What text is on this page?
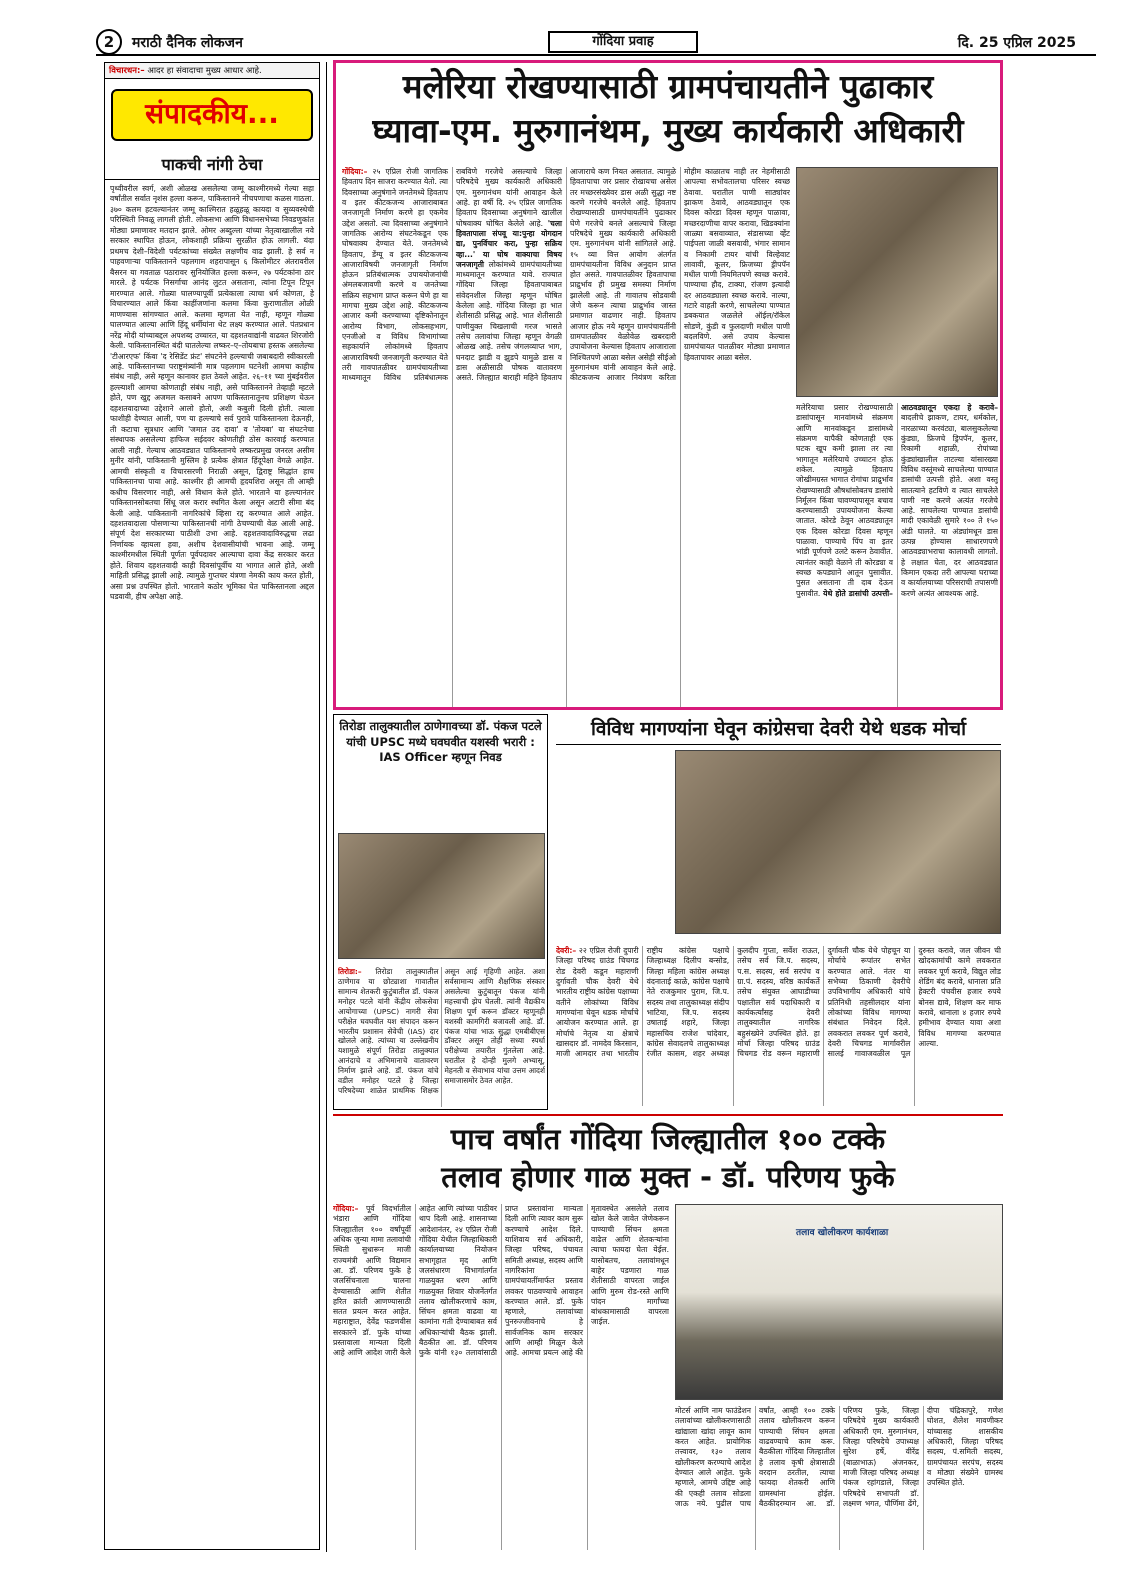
2	मराठी दैनिक लोकजन	गोंदिया प्रवाह	दि. 25 एप्रिल 2025
विचारधन:– आदर हा संवादाचा मुख्य आधार आहे.
संपादकीय...
पाकची नांगी ठेचा
पृथ्वीवरील स्वर्ग, अशी ओळख असलेल्या जम्मू काश्मीरमध्ये गेल्या सहा वर्षांतील सर्वात नृशंस हल्ला करून, पाकिस्तानने नीचपणाचा कळस गाठला. ३७० कलम हटवल्यानंतर जम्मू काश्मिरात हळूहळू कायदा व सुव्यवस्थेची परिस्थिती निवळू लागली होती. लोकसभा आणि विधानसभेच्या निवडणुकांत मोठ्या प्रमाणावर मतदान झाले. ओमर अब्दुल्ला यांच्या नेतृत्वाखालील नवे सरकार स्थापित होऊन, लोकशाही प्रक्रिया सुरळीत होऊ लागली. यंदा प्रथमच देशी–विदेशी पर्यटकांच्या संख्येत लक्षणीय वाढ झाली. हे सर्व न पाहवणाऱ्या पाकिस्तानने पहलगाम शहरापासून ६ किलोमीटर अंतरावरील बैसरन या गवताळ पठारावर सुनियोजित हल्ला करून, २७ पर्यटकांना ठार मारले. हे पर्यटक निसर्गाचा आनंद लुटत असताना, त्यांना टिपून टिपून मारण्यात आले. गोळ्या घालण्यापूर्वी प्रत्येकाला त्याचा धर्म कोणता, हे विचारण्यात आले किंवा काहींजणांना कलमा किंवा कुराणातील ओळी माणण्यास सांगण्यात आले. कलमा म्हणता येत नाही, म्हणून गोळ्या घालण्यात आल्या आणि हिंदू धर्मीयांना थेट लक्ष्य करण्यात आले. पंतप्रधान नरेंद्र मोदी यांच्याबद्दल अपशब्द उच्चारत, या दहशतवाद्यांनी वाढवत शिरजोरी केली. पाकिस्तानस्थित बंदी घातलेल्या लष्कर–ए–तोयबाचा हस्तक असलेल्या 'टीआरएफ' किंवा 'द रेसिडेंट फ्रंट' संघटनेने हल्ल्याची जबाबदारी स्वीकारली आहे. पाकिस्तानच्या पराष्ट्रमंत्र्यांनी मात्र पहलगाम घटनेशी आमचा काहीच संबंध नाही, असे म्हणून कानावर हात ठेवले आहेत. २६–११ च्या मुंबईवरील हल्ल्याशी आमचा कोणताही संबंध नाही, असे पाकिस्तानने तेव्हाही म्हटले होते, पण खुद्द अजमल कसाबने आपण पाकिस्तानातूनच प्रशिक्षण घेऊन दहशतवादाच्या उद्देशाने आलो होतो, अशी कबुली दिली होती. त्याला फाशीही देण्यात आली, पण या हल्ल्याचे सर्व पुरावे पाकिस्तानला देऊनही, ती कटाचा सूत्रधार आणि 'जमात उद दावा' व 'तोयबा' या संघटनेचा संस्थापक असलेल्या हाफिज सईदवर कोणतीही ठोस कारवाई करण्यात आली नाही. गेल्याच आठवड्यात पाकिस्तानचे लष्करप्रमुख जनरल असीम मुनीर यांनी, पाकिस्तानी मुस्लिम हे प्रत्येक क्षेत्रात हिंदूपेक्षा वेगळे आहेत. आमची संस्कृती व विचारसरणी निराळी असून, द्विराष्ट्र सिद्धांत हाच पाकिस्तानचा पाया आहे. काश्मीर ही आमची हृदयशिरा असून ती आम्ही कधीच विसरणार नाही, असे विधान केले होते. भारताने या हल्ल्यानंतर पाकिस्तानसोबतचा सिंधू जल करार स्थगित केला असून अटारी सीमा बंद केली आहे. पाकिस्तानी नागरिकांचे व्हिसा रद्द करण्यात आले आहेत. दहशतवादाला पोसणाऱ्या पाकिस्तानची नांगी ठेचण्याची वेळ आली आहे. संपूर्ण देश सरकारच्या पाठीशी उभा आहे. दहशतवादाविरुद्धचा लढा निर्णायक व्हायला हवा, अशीच देशवासीयांची भावना आहे. जम्मू काश्मीरमधील स्थिती पूर्णतः पूर्वपदावर आल्याचा दावा केंद्र सरकार करत होते. शिवाय दहशतवादी काही दिवसांपूर्वीच या भागात आले होते, अशी माहिती प्रसिद्ध झाली आहे. त्यामुळे गुप्तचर यंत्रणा नेमकी काय करत होती, असा प्रश्न उपस्थित होतो. भारताने कठोर भूमिका घेत पाकिस्तानला अद्दल घडवावी, हीच अपेक्षा आहे.
मलेरिया रोखण्यासाठी ग्रामपंचायतीने पुढाकार
घ्यावा-एम. मुरुगानंथम, मुख्य कार्यकारी अधिकारी
गोंदिया:– २५ एप्रिल रोजी जागतिक हिवताप दिन साजरा करण्यात येतो. त्या दिवसाच्या अनुषंगाने जनतेमध्ये हिवताप व इतर कीटकजन्य आजाराबाबत जनजागृती निर्माण करणे हा एकमेव उद्देश असतो. त्या दिवसाच्या अनुषंगाने जागतिक आरोग्य संघटनेकडून एक घोषवाक्य देण्यात येते. जनतेमध्ये हिवताप, डेंग्यू व इतर कीटकजन्य आजाराविषयी जनजागृती निर्माण होऊन प्रतिबंधात्मक उपाययोजनांची अंमलबजावणी करणे व जनतेच्या सक्रिय सहभाग प्राप्त करून घेणे हा या मागचा मुख्य उद्देश आहे. कीटकजन्य आजार कमी करण्याच्या दृष्टिकोनातून आरोग्य विभाग, लोकसहभाग, एनजीओ व विविध विभागांच्या सहकार्याने लोकांमध्ये हिवताप आजाराविषयी जनजागृती करण्यात येते तरी गावपातळीवर ग्रामपंचायतीच्या माध्यमातून विविध प्रतिबंधात्मक राबविणे गरजेचे असल्याचे जिल्हा परिषदेचे मुख्य कार्यकारी अधिकारी एम. मुरुगानंथम यांनी आवाहन केले आहे. हा वर्षी दि. २५ एप्रिल जागतिक हिवताप दिवसाच्या अनुषंगाने खालील घोषवाक्य घोषित केलेले आहे. 'चला हिवतापाला संपवू या:पुन्हा योगदान द्या, पुनर्विचार करा, पुन्हा सक्रिय व्हा...' या घोष वाक्याचा विषय जनजागृती लोकांमध्ये ग्रामपंचायतीच्या माध्यमातून करण्यात यावे. राज्यात गोंदिया जिल्हा हिवतापाबाबत संवेदनशील जिल्हा म्हणून घोषित केलेला आहे. गोंदिया जिल्हा हा भात शेतीसाठी प्रसिद्ध आहे. भात शेतीसाठी पाणीयुक्त चिखलाची गरज भासते तसेच तलावांचा जिल्हा म्हणून वेगळी ओळख आहे. तसेच जंगलव्याप्त भाग, घनदाट झाडी व झुडपे यामुळे डास व डास अळीसाठी पोषक वातावरण असते. जिल्ह्यात बाराही महिने हिवताप आजाराचे कण नियत असतात. त्यामुळे हिवतापाचा जर प्रसार रोखायचा असेल तर मच्छरसंख्येवर डास अळी सुद्धा नष्ट करणे गरजेचे बनलेले आहे. हिवताप रोखण्यासाठी ग्रामपंचायतींने पुढाकार घेणे गरजेचे बनले असल्याचे जिल्हा परिषदेचे मुख्य कार्यकारी अधिकारी एम. मुरुगानंथम यांनी सांगितले आहे. १५ व्या वित्त आयोग अंतर्गत ग्रामपंचायतीना विविध अनुदान प्राप्त होत असते. गावपातळीवर हिवतापाचा प्राद्रुर्भाव ही प्रमुख समस्या निर्माण झालेली आहे. ती गावातच सोडवावी जेणे करून त्याचा प्राद्रुर्भाव जास्त प्रमाणात वाढणार नाही. हिवताप आजार होऊ नये म्हणून ग्रामपंचायतींनी ग्रामपातळीवर वेळोवेळ खबरदारी उपायोजना केल्यास हिवताप आजाराला निश्चितपणे आळा बसेल असेही सीईओ मुरुगानंथम यांनी आवाहन केले आहे. कीटकजन्य आजार नियंत्रण करिता मोहीम काळातच नाही तर नेहमीसाठी आपल्या सभोवतालचा परिसर स्वच्छ ठेवावा. घरातील पाणी साठ्यांवर झाकण ठेवावे, आठवड्यातून एक दिवस कोरडा दिवस म्हणून पाळावा, मच्छरदाणीचा वापर करावा, खिडक्यांना जाळ्या बसवाव्यात, संडासच्या व्हेंट पाईपला जाळी बसवावी, भंगार सामान व निकामी टायर यांची विल्हेवाट लावावी, कूलर, फ्रिजच्या ड्रीपपॅन मधील पाणी नियमितपणे स्वच्छ करावे. पाण्याचा हौद, टाक्या, रांजण इत्यादी दर आठवड्याला स्वच्छ करावे. नाल्या, गटारे वाहती करणे, साचलेल्या पाण्यात डबकयात जळलेले ऑईल/रॉकेल सोडणे, कुंडी व फुलदाणी मधील पाणी बदलविणे. असे उपाय केल्यास ग्रामपंचायत पातळीवर मोठ्या प्रमाणात हिवतापावर आळा बसेल.
मलेरियाचा प्रसार रोखण्यासाठी डासांपासून मानवांमध्ये संक्रमण आणि मानवांकडून डासांमध्ये संक्रमण यापैकी कोणताही एक घटक खूप कमी झाला तर त्या भागातून मलेरियाचे उच्चाटन होऊ शकेल. त्यामुळे हिवताप जोखीमग्रस्त भागात रोगांचा प्राद्रुर्भाव रोखण्यासाठी औषधांसोबतच डासांचे निर्मूलन किंवा चावण्यापासून बचाव करण्यासाठी उपाययोजना केल्या जातात. कोरडे ठेवून आठवड्यातून एक दिवस कोरडा दिवस म्हणून पाळावा. पाण्याचे पिंप वा इतर भांडी पूर्णपणे उलटे करून ठेवावीत. त्यानंतर काही वेळाने ती कोरड्या व स्वच्छ कपड्याने आतून पुसावीत. पुसत असताना ती दाब देऊन पुसावीत. येथे होते डासांची उत्पत्ती– आठवड्यातून एकदा हे करावे– बादलीचे झाकण, टायर, धर्मकोल, नारळाच्या करवंट्या, बालसुकलेल्या कुंड्या, फ्रिजचे ड्रिपपॅन, कूलर, रिकामी शहाळी, रोपांच्या कुंड्यांखालील ताटल्या यांसारख्या विविध वस्तूंमध्ये साचलेल्या पाण्यात डासांची उत्पत्ती होते. अशा वस्तू सातत्याने हटविणे व त्यात साचलेले पाणी नष्ट करणे अत्यंत गरजेचे आहे. साचलेल्या पाण्यात डासांची मादी एकावेळी सुमारे १०० ते १५० अंडी घालते. या अंड्यांमधून डास उत्पन्न होण्यास साधारणपणे आठवड्याभराचा कालावधी लागतो. हे लक्षात घेता, दर आठवड्यात किमान एकदा तरी आपल्या घराच्या व कार्यालयाच्या परिसराची तपासणी करणे अत्यंत आवश्यक आहे.
तिरोडा तालुक्यातील ठाणेगावच्या डॉ. पंकज पटले यांची UPSC मध्ये घवघवीत यशस्वी भरारी : IAS Officer म्हणून निवड
तिरोडा:– तिरोडा तालुक्यातील ठाणेगाव या छोट्याशा गावातील सामान्य शेतकरी कुटुंबातील डॉ. पंकज मनोहर पटले यांनी केंद्रीय लोकसेवा आयोगाच्या (UPSC) नागरी सेवा परीक्षेत घवघवीत यश संपादन करून भारतीय प्रशासन सेवेची (IAS) दार खोलले आहे. त्यांच्या या उल्लेखनीय यशामुळे संपूर्ण तिरोडा तालुक्यात आनंदाचे व अभिमानाचे वातावरण निर्माण झाले आहे. डॉ. पंकज यांचे वडील मनोहर पटले हे जिल्हा परिषदेच्या शाळेत प्राथमिक शिक्षक असून आई गृहिणी आहेत. अशा सर्वसामान्य आणि शैक्षणिक संस्कार असलेल्या कुटुंबातून पंकज यांनी महत्त्वाची झेप घेतली. त्यांनी वैद्यकीय शिक्षण पूर्ण करून डॉक्टर म्हणूनही यशस्वी कामगिरी बजावली आहे. डॉ. पंकज यांचा भाऊ सुद्धा एमबीबीएस डॉक्टर असून तोही सध्या स्पर्धा परीक्षेच्या तयारीत गुंतलेला आहे. घरातील हे दोन्ही मुलगे अभ्यासू, मेहनती व सेवाभाव यांचा उत्तम आदर्श समाजासमोर ठेवत आहेत.
विविध मागण्यांना घेवून कांग्रेसचा देवरी येथे धडक मोर्चा
देवरी:– २२ एप्रिल रोजी दुपारी जिल्हा परिषद ग्राउंड चिचगड रोड देवरी कडून महाराणी दुर्गावती चौक देवरी येथे भारतीय राष्ट्रीय कांग्रेस पक्षाच्या वतीने लोकांच्या विविध मागण्यांना घेवून धडक मोर्चाचे आयोजन करण्यात आले. हा मोर्चाचे नेतृत्व या क्षेत्राचे खासदार डॉ. नामदेव किरसान, माजी आमदार तथा भारतीय राष्ट्रीय कांग्रेस पक्षाचे जिल्हाध्यक्ष दिलीप बन्सोड, जिल्हा महिला कांग्रेस अध्यक्ष वंदनाताई काळे, कांग्रेस पक्षाचे नेते राजकुमार पुराम, जि.प. सदस्य तथा तालुकाध्यक्ष संदीप भाटिया, जि.प. सदस्य उषाताई शहारे, जिल्हा महासचिव राजेश चांदेवार, कांग्रेस सेवादलचे तालुकाध्यक्ष रंजीत कासम, शहर अध्यक्ष कुलदीप गुप्ता, सर्वेश राऊत, तसेच सर्व जि.प. सदस्य, प.स. सदस्य, सर्व सरपंच व ग्रा.पं. सदस्य, वरिष्ठ कार्यकर्ते तसेच संयुक्त आघाडीच्या पक्षातील सर्व पदाधिकारी व कार्यकर्त्यांसह देवरी तालुक्यातील नागरिक बहुसंख्येने उपस्थित होते. हा मोर्चा जिल्हा परिषद ग्राउंड चिचगड रोड वरून महाराणी दुर्गावती चौक येथे पोहचून या मोर्चाचे रूपांतर सभेत करण्यात आले. नंतर या सभेच्या ठिकाणी देवरीचे उपविभागीय अधिकारी यांचे प्रतिनिधी तहसीलदार यांना लोकांच्या विविध मागण्या संबंधात निवेदन दिले. लवकरात लवकर पूर्ण करावे, देवरी चिचगड मार्गावरील सालई गावाजवळील पूल दुरुस्त करावे, जल जीवन ची खोदकामांची कामे लवकरात लवकर पूर्ण करावे, विद्युत लोड शेडिंग बंद करावे, धानाला प्रति हेक्टरी पंचवीस हजार रुपये बोनस द्यावे, शिक्षण कर माफ करावे, धानाला ४ हजार रुपये हमीभाव देण्यात यावा अशा विविध मागण्या करण्यात आल्या.
पाच वर्षांत गोंदिया जिल्ह्यातील १०० टक्के
तलाव होणार गाळ मुक्त - डॉ. परिणय फुके
गोंदिया:– पूर्व विदर्भातील भंडारा आणि गोंदिया जिल्ह्यातील १०० वर्षांपूर्वी अधिक जुन्या मामा तलावांची स्थिती सुधारून माजी राज्यमंत्री आणि विद्यमान आ. डॉ. परिणय फुके हे जलसिंचनाला चालना देण्यासाठी आणि शेतीत हरित क्रांती आणण्यासाठी सतत प्रयत्न करत आहेत. महाराष्ट्रात, देवेंद्र फडणवीस सरकारने डॉ. फुके यांच्या प्रस्तावाला मान्यता दिली आहे आणि आदेश जारी केले आहेत आणि त्यांच्या पाठीवर थाप दिली आहे. शासनाच्या आदेशानंतर, २४ एप्रिल रोजी गोंदिया येथील जिल्हाधिकारी कार्यालयाच्या नियोजन सभागृहात मृद आणि जलसंधारण विभागांतर्गत गाळयुक्त धरण आणि गाळयुक्त शिवार योजनेंतर्गत तलाव खोलीकरणाचे काम, सिंचन क्षमता वाढवा या कामांना गती देण्याबाबत सर्व अधिकाऱ्यांची बैठक झाली. बैठकीत आ. डॉ. परिणय फुके यांनी १३० तलावांसाठी प्राप्त प्रस्तावांना मान्यता दिली आणि त्यावर काम सुरू करण्याचे आदेश दिले. याशिवाय सर्व अधिकारी, जिल्हा परिषद, पंचायत समिती अध्यक्ष, सदस्य आणि नागरिकांना ग्रामपंचायतींमार्फत प्रस्ताव लवकर पाठवण्याचे आवाहन करण्यात आले. डॉ. फुके म्हणाले, तलावांच्या पुनरुज्जीवनाचे हे सार्वजनिक काम सरकार आणि आम्ही मिळून केले आहे. आमचा प्रयत्न आहे की मृतावस्थेत असलेले तलाव खोल केले जावेत जेणेकरून पाण्याची सिंचन क्षमता वाढेल आणि शेतकऱ्यांना त्याचा फायदा घेता येईल. यासोबतच, तलावांमधून बाहेर पडणारा गाळ शेतीसाठी वापरता जाईल आणि मुरुम रोड-रस्ते आणि पांदन मार्गांच्या बांधकामासाठी वापरला जाईल.
तलाव खोलीकरण कार्यशाळा
मोटर्स आणि नाम फाउंडेशन तलावांच्या खोलीकरणासाठी खांद्याला खांदा लावून काम करत आहेत. प्रायोगिक तत्त्वावर, १३० तलाव खोलीकरण करण्याचे आदेश देण्यात आले आहेत. फुके म्हणाले, आमचे उद्दिष्ट आहे की एकही तलाव सोडला जाऊ नये. पुढील पाच वर्षांत, आम्ही १०० टक्के तलाव खोलीकरण करून पाण्याची सिंचन क्षमता वाढवण्याचे काम करू. बैठकीला गोंदिया जिल्हातील हे तलाव कृषी क्षेत्रासाठी वरदान ठरतील, त्याचा फायदा शेतकरी आणि ग्रामस्थांना होईल. बैठकीदरम्यान आ. डॉ. परिणय फुके, जिल्हा परिषदेचे मुख्य कार्यकारी अधिकारी एम. मुरुगानंथन, जिल्हा परिषदेचे उपाध्यक्ष सुरेश हर्षे, वीरेंद्र (बाळाभाऊ) अंजनकर, माजी जिल्हा परिषद अध्यक्ष पंकज रहांगडाले, जिल्हा परिषदेचे सभापती डॉ. लक्ष्मण भगत, पौर्णिमा ढेंगे, दीपा चंद्रिकापुरे, गणेश घोशत, शैलेश मावणीकर यांच्यासह शासकीय अधिकारी, जिल्हा परिषद सदस्य, पं.समिती सदस्य, ग्रामपंचायत सरपंच, सदस्य व मोठ्या संख्येने ग्रामस्थ उपस्थित होते.
